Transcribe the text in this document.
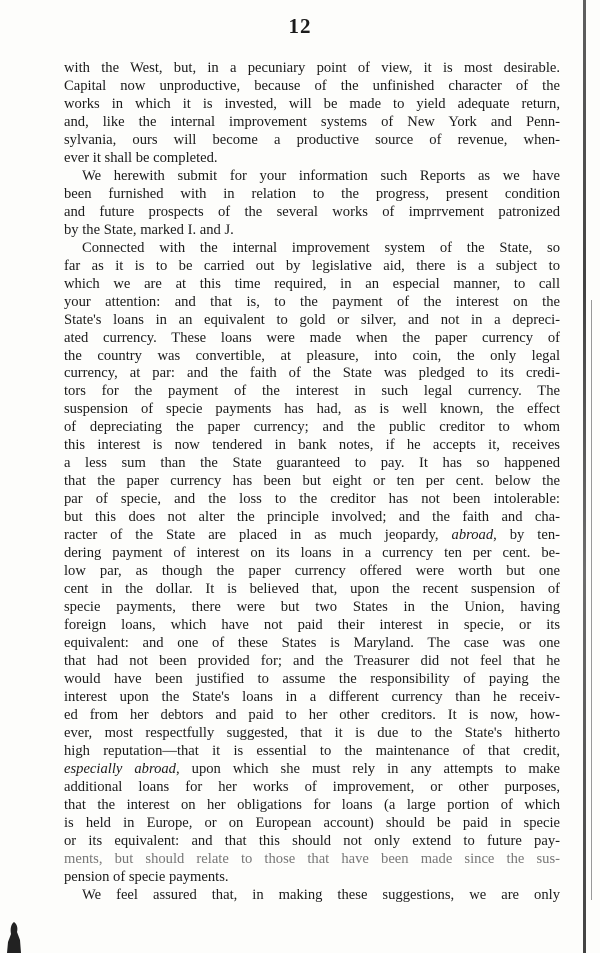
12
with the West, but, in a pecuniary point of view, it is most desirable.
Capital now unproductive, because of the unfinished character of the
works in which it is invested, will be made to yield adequate return,
and, like the internal improvement systems of New York and Penn-
sylvania, ours will become a productive source of revenue, when-
ever it shall be completed.
We herewith submit for your information such Reports as we have
been furnished with in relation to the progress, present condition
and future prospects of the several works of imprrvement patronized
by the State, marked I. and J.
Connected with the internal improvement system of the State, so
far as it is to be carried out by legislative aid, there is a subject to
which we are at this time required, in an especial manner, to call
your attention: and that is, to the payment of the interest on the
State's loans in an equivalent to gold or silver, and not in a depreci-
ated currency. These loans were made when the paper currency of
the country was convertible, at pleasure, into coin, the only legal
currency, at par: and the faith of the State was pledged to its credi-
tors for the payment of the interest in such legal currency. The
suspension of specie payments has had, as is well known, the effect
of depreciating the paper currency; and the public creditor to whom
this interest is now tendered in bank notes, if he accepts it, receives
a less sum than the State guaranteed to pay. It has so happened
that the paper currency has been but eight or ten per cent. below the
par of specie, and the loss to the creditor has not been intolerable:
but this does not alter the principle involved; and the faith and cha-
racter of the State are placed in as much jeopardy, abroad, by ten-
dering payment of interest on its loans in a currency ten per cent. be-
low par, as though the paper currency offered were worth but one
cent in the dollar. It is believed that, upon the recent suspension of
specie payments, there were but two States in the Union, having
foreign loans, which have not paid their interest in specie, or its
equivalent: and one of these States is Maryland. The case was one
that had not been provided for; and the Treasurer did not feel that he
would have been justified to assume the responsibility of paying the
interest upon the State's loans in a different currency than he receiv-
ed from her debtors and paid to her other creditors. It is now, how-
ever, most respectfully suggested, that it is due to the State's hitherto
high reputation—that it is essential to the maintenance of that credit,
especially abroad, upon which she must rely in any attempts to make
additional loans for her works of improvement, or other purposes,
that the interest on her obligations for loans (a large portion of which
is held in Europe, or on European account) should be paid in specie
or its equivalent: and that this should not only extend to future pay-
ments, but should relate to those that have been made since the sus-
pension of specie payments.
We feel assured that, in making these suggestions, we are only
